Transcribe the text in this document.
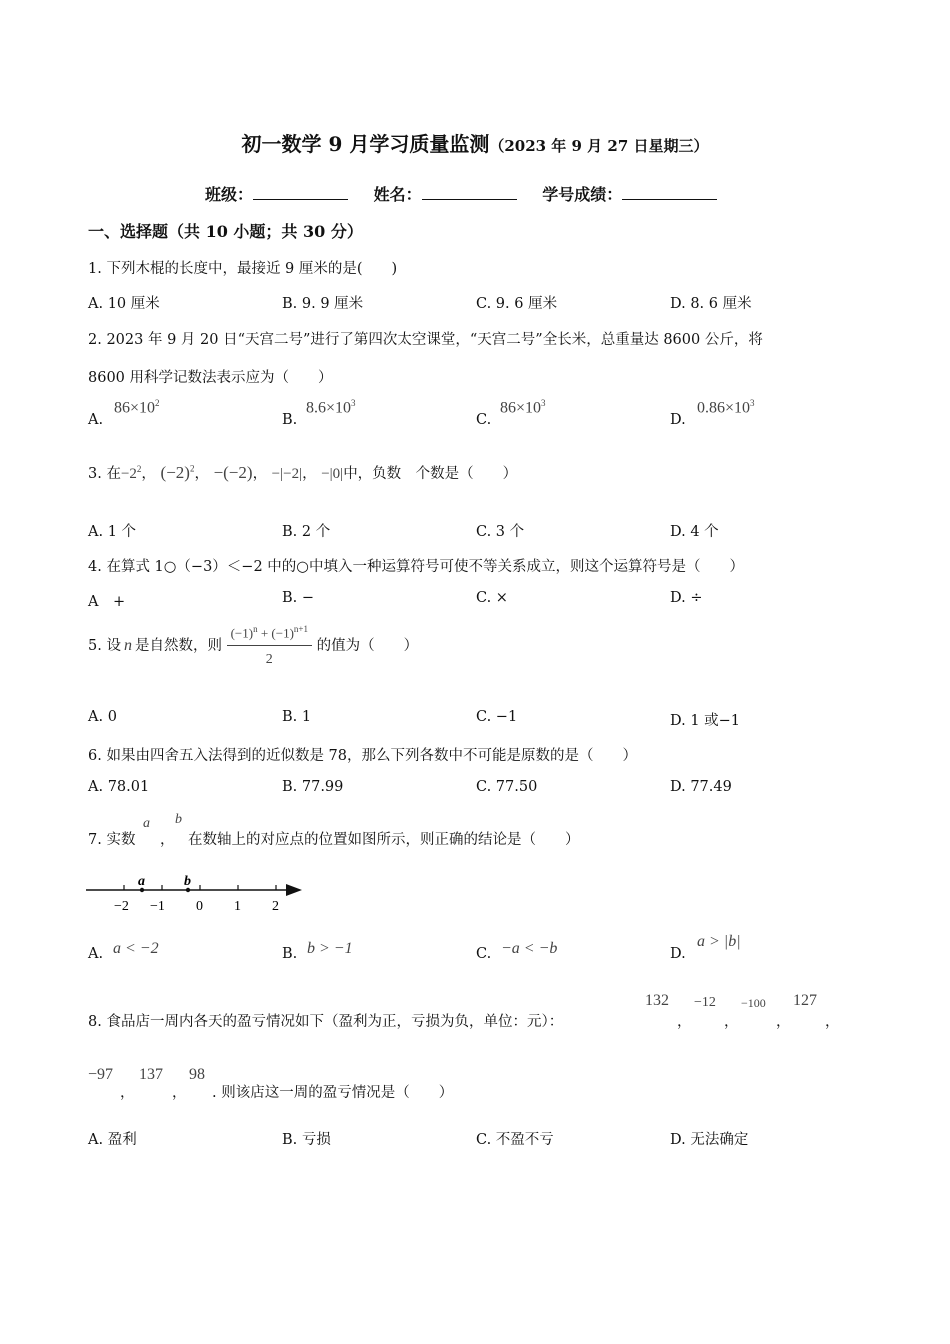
初一数学 9 月学习质量监测（2023 年 9 月 27 日星期三）
班级：	姓名：	学号成绩：
一、选择题（共 10 小题；共 30 分）
1. 下列木棍的长度中，最接近 9 厘米的是(　　)
A. 10 厘米	B. 9. 9 厘米	C. 9. 6 厘米	D. 8. 6 厘米
2. 2023 年 9 月 20 日“天宫二号”进行了第四次太空课堂，“天宫二号”全长米，总重量达 8600 公斤，将
8600 用科学记数法表示应为（　　）
A.
$86\times 10^2$
B.
$8.6\times 10^3$
C.
$86\times 10^3$
D.
$0.86\times 10^3$
3. 在$-2^2$， $(-2)^2$， −(−2)， −|−2|， −|0|中，负数　个数是（　　）
A. 1 个	B. 2 个	C. 3 个	D. 4 个
4. 在算式 1○（−3）＜−2 中的○中填入一种运算符号可使不等关系成立，则这个运算符号是（　　）
A　+	B. −	C. ×	D. ÷
5. 设 n 是自然数，则 $\frac{(-1)^n + (-1)^{n+1}}{2}$ 的值为（　　）
A. 0	B. 1	C. −1	D. 1 或−1
6. 如果由四舍五入法得到的近似数是 78，那么下列各数中不可能是原数的是（　　）
A. 78.01	B. 77.99	C. 77.50	D. 77.49
7. 实数
a
，
b
在数轴上的对应点的位置如图所示，则正确的结论是（　　）
a	b
−2 −1 0 1 2
A. a < −2	B. b > −1	C. −a < −b	D.
a > |b|
8. 食品店一周内各天的盈亏情况如下（盈利为正，亏损为负，单位：元）：
132
，
−12
，
−100
，
127
，
−97
，
137
，
98
. 则该店这一周的盈亏情况是（　　）
A. 盈利	B. 亏损	C. 不盈不亏	D. 无法确定
